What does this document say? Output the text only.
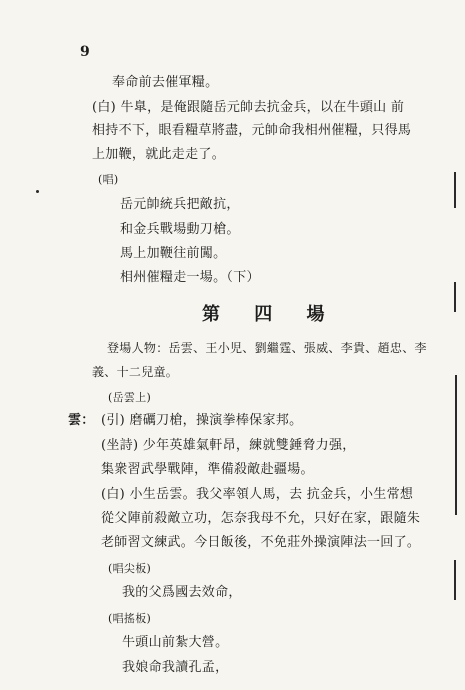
9
奉命前去催軍糧。
(白) 牛臯，是俺跟隨岳元帥去抗金兵，以在牛頭山 前
相持不下，眼看糧草將盡，元帥命我相州催糧，只得馬
上加鞭，就此走走了。
(唱)
岳元帥統兵把敵抗，
和金兵戰場動刀槍。
馬上加鞭往前闖。
相州催糧走一場。（下）
第 四 場
登場人物：岳雲、王小児、劉繼霆、張威、李貴、趙忠、李
義、十二兒童。
(岳雲上)
雲： (引) 磨礪刀槍，操演拳棒保家邦。
(坐詩) 少年英雄氣軒昂，練就雙錘脅力强，
集衆習武學戰陣，準備殺敵赴疆場。
(白) 小生岳雲。我父率領人馬，去 抗金兵，小生常想
從父陣前殺敵立功，怎奈我母不允，只好在家，跟隨朱
老師習文練武。今日飯後，不免莊外操演陣法一回了。
(唱尖板)
我的父爲國去效命，
(唱搖板)
牛頭山前紮大營。
我娘命我讀孔孟，
